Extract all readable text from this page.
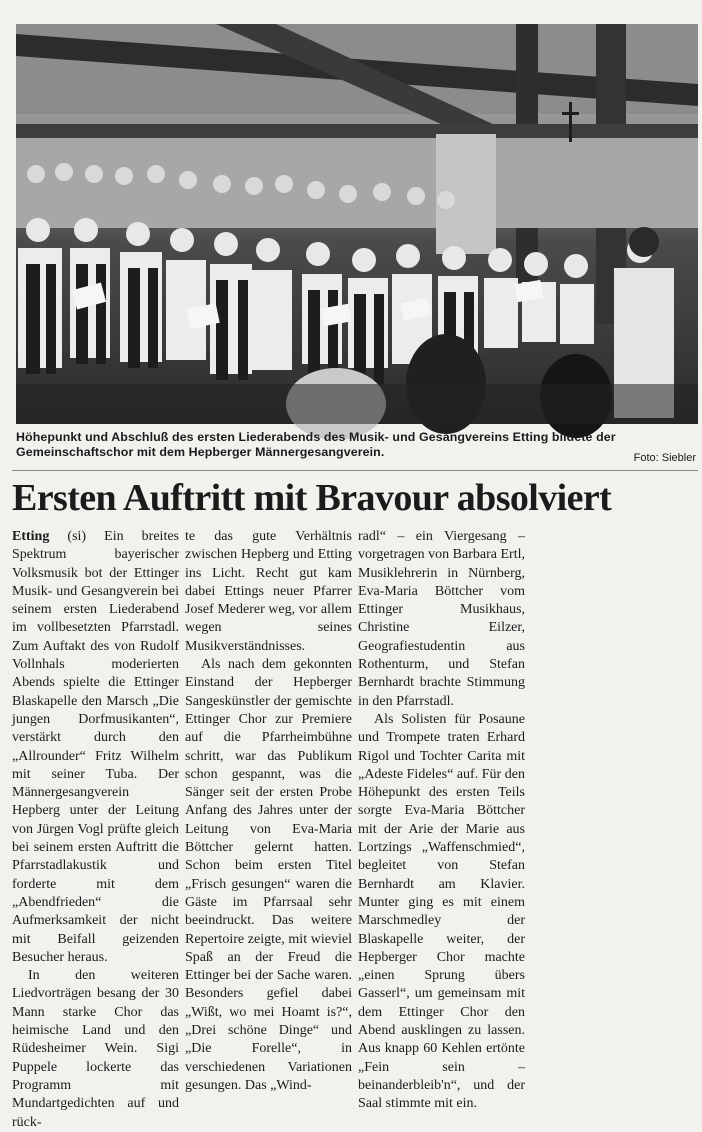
Höhepunkt und Abschluß des ersten Liederabends des Musik- und Gesangvereins Etting bildete der Gemeinschaftschor mit dem Hepberger Männergesangverein.	Foto: Siebler
Ersten Auftritt mit Bravour absolviert

Etting (si) Ein breites Spektrum bayerischer Volksmusik bot der Ettinger Musik- und Gesangverein bei seinem ersten Liederabend im vollbesetzten Pfarrstadl. Zum Auftakt des von Rudolf Vollnhals moderierten Abends spielte die Ettinger Blaskapelle den Marsch „Die jungen Dorfmusikanten“, verstärkt durch den „Allrounder“ Fritz Wilhelm mit seiner Tuba. Der Männergesangverein Hepberg unter der Leitung von Jürgen Vogl prüfte gleich bei seinem ersten Auftritt die Pfarrstadlakustik und forderte mit dem „Abendfrieden“ die Aufmerksamkeit der nicht mit Beifall geizenden Besucher heraus.

In den weiteren Liedvorträgen besang der 30 Mann starke Chor das heimische Land und den Rüdesheimer Wein. Sigi Puppele lockerte das Programm mit Mundartgedichten auf und rück-

te das gute Verhältnis zwischen Hepberg und Etting ins Licht. Recht gut kam dabei Ettings neuer Pfarrer Josef Mederer weg, vor allem wegen seines Musikverständnisses.

Als nach dem gekonnten Einstand der Hepberger Sangeskünstler der gemischte Ettinger Chor zur Premiere auf die Pfarrheimbühne schritt, war das Publikum schon gespannt, was die Sänger seit der ersten Probe Anfang des Jahres unter der Leitung von Eva-Maria Böttcher gelernt hatten. Schon beim ersten Titel „Frisch gesungen“ waren die Gäste im Pfarrsaal sehr beeindruckt. Das weitere Repertoire zeigte, mit wieviel Spaß an der Freud die Ettinger bei der Sache waren. Besonders gefiel dabei „Wißt, wo mei Hoamt is?“, „Drei schöne Dinge“ und „Die Forelle“, in verschiedenen Variationen gesungen. Das „Wind-

radl“ – ein Viergesang – vorgetragen von Barbara Ertl, Musiklehrerin in Nürnberg, Eva-Maria Böttcher vom Ettinger Musikhaus, Christine Eilzer, Geografiestudentin aus Rothenturm, und Stefan Bernhardt brachte Stimmung in den Pfarrstadl.

Als Solisten für Posaune und Trompete traten Erhard Rigol und Tochter Carita mit „Adeste Fideles“ auf. Für den Höhepunkt des ersten Teils sorgte Eva-Maria Böttcher mit der Arie der Marie aus Lortzings „Waffenschmied“, begleitet von Stefan Bernhardt am Klavier. Munter ging es mit einem Marschmedley der Blaskapelle weiter, der Hepberger Chor machte „einen Sprung übers Gasserl“, um gemeinsam mit dem Ettinger Chor den Abend ausklingen zu lassen. Aus knapp 60 Kehlen ertönte „Fein sein – beinanderbleib'n“, und der Saal stimmte mit ein.
